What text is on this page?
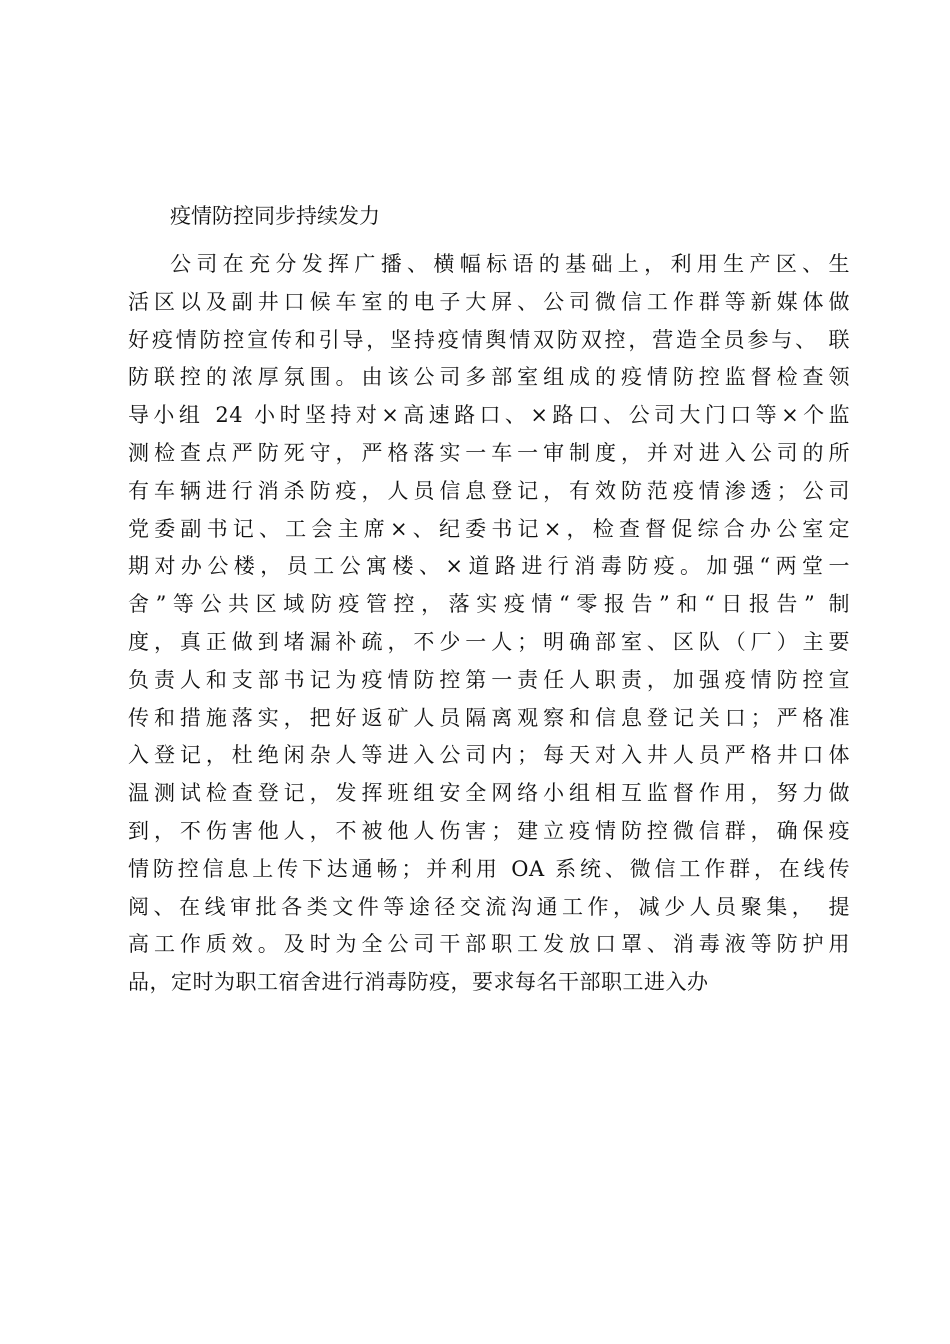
疫情防控同步持续发力

公司在充分发挥广播、横幅标语的基础上，利用生产区、生
活区以及副井口候车室的电子大屏、公司微信工作群等新媒体做
好疫情防控宣传和引导，坚持疫情舆情双防双控，营造全员参与、 联
防联控的浓厚氛围。由该公司多部室组成的疫情防控监督检查领
导小组 24 小时坚持对×高速路口、×路口、公司大门口等×个监
测检查点严防死守，严格落实一车一审制度，并对进入公司的所
有车辆进行消杀防疫，人员信息登记，有效防范疫情渗透；公司
党委副书记、工会主席×、纪委书记×，检查督促综合办公室定
期对办公楼，员工公寓楼、×道路进行消毒防疫。加强“两堂一
舍”等公共区域防疫管控，落实疫情“零报告”和“日报告” 制
度，真正做到堵漏补疏，不少一人；明确部室、区队（厂）主要
负责人和支部书记为疫情防控第一责任人职责，加强疫情防控宣
传和措施落实，把好返矿人员隔离观察和信息登记关口；严格准
入登记，杜绝闲杂人等进入公司内；每天对入井人员严格井口体
温测试检查登记，发挥班组安全网络小组相互监督作用，努力做
到，不伤害他人，不被他人伤害；建立疫情防控微信群，确保疫
情防控信息上传下达通畅；并利用 OA 系统、微信工作群，在线传
阅、在线审批各类文件等途径交流沟通工作，减少人员聚集， 提
高工作质效。及时为全公司干部职工发放口罩、消毒液等防护用
品，定时为职工宿舍进行消毒防疫，要求每名干部职工进入办
